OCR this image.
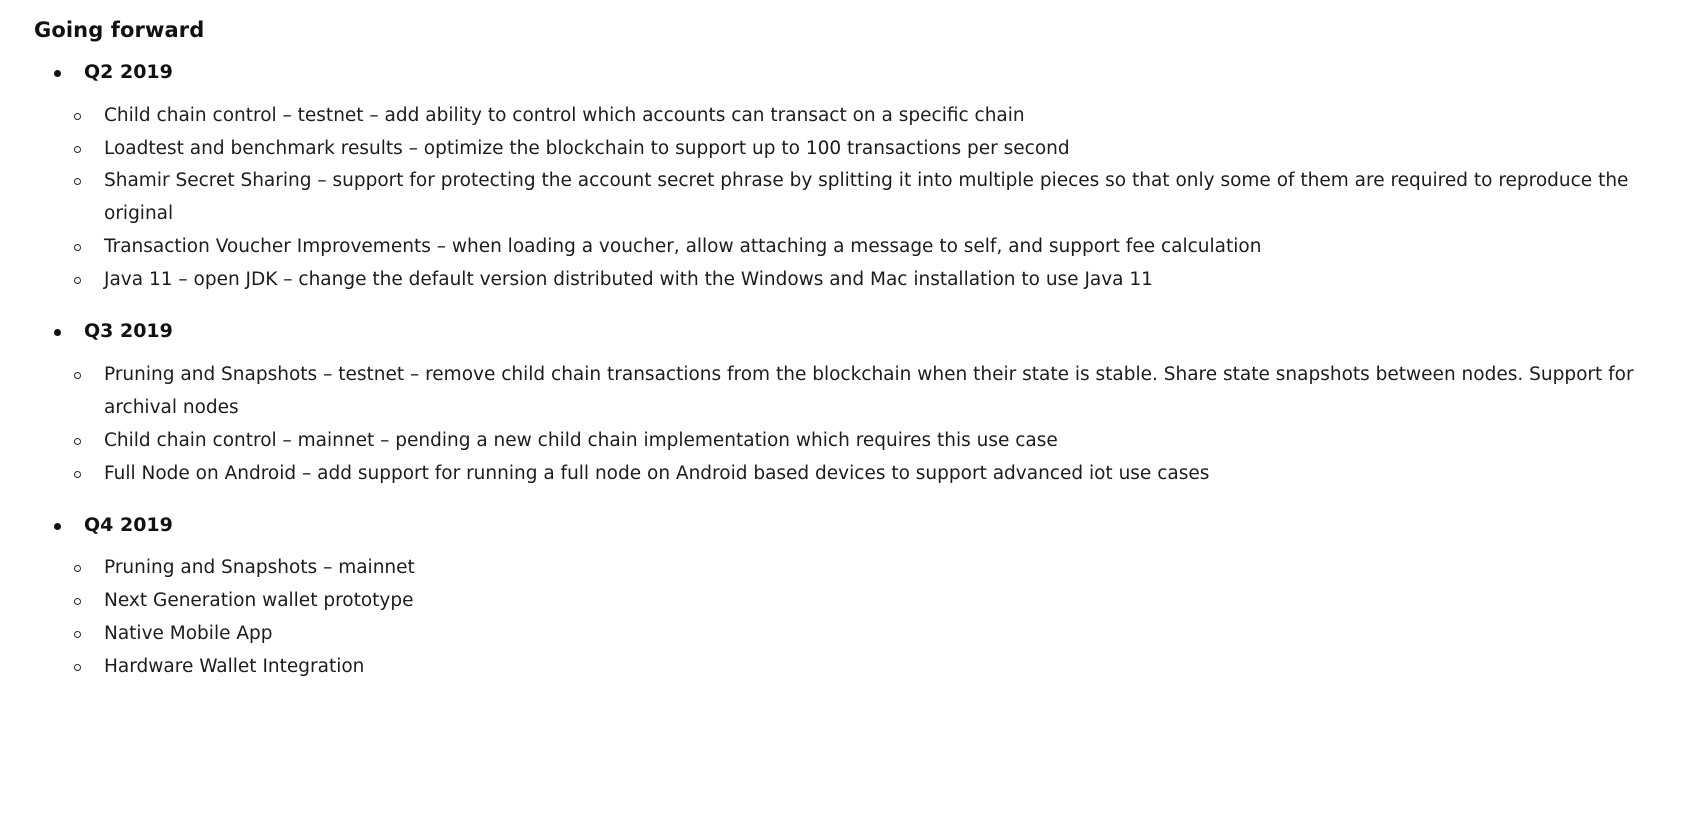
Going forward
Q2 2019
Child chain control – testnet – add ability to control which accounts can transact on a specific chain
Loadtest and benchmark results – optimize the blockchain to support up to 100 transactions per second
Shamir Secret Sharing – support for protecting the account secret phrase by splitting it into multiple pieces so that only some of them are required to reproduce the original
Transaction Voucher Improvements – when loading a voucher, allow attaching a message to self, and support fee calculation
Java 11 – open JDK – change the default version distributed with the Windows and Mac installation to use Java 11
Q3 2019
Pruning and Snapshots – testnet – remove child chain transactions from the blockchain when their state is stable. Share state snapshots between nodes. Support for archival nodes
Child chain control – mainnet – pending a new child chain implementation which requires this use case
Full Node on Android – add support for running a full node on Android based devices to support advanced iot use cases
Q4 2019
Pruning and Snapshots – mainnet
Next Generation wallet prototype
Native Mobile App
Hardware Wallet Integration
